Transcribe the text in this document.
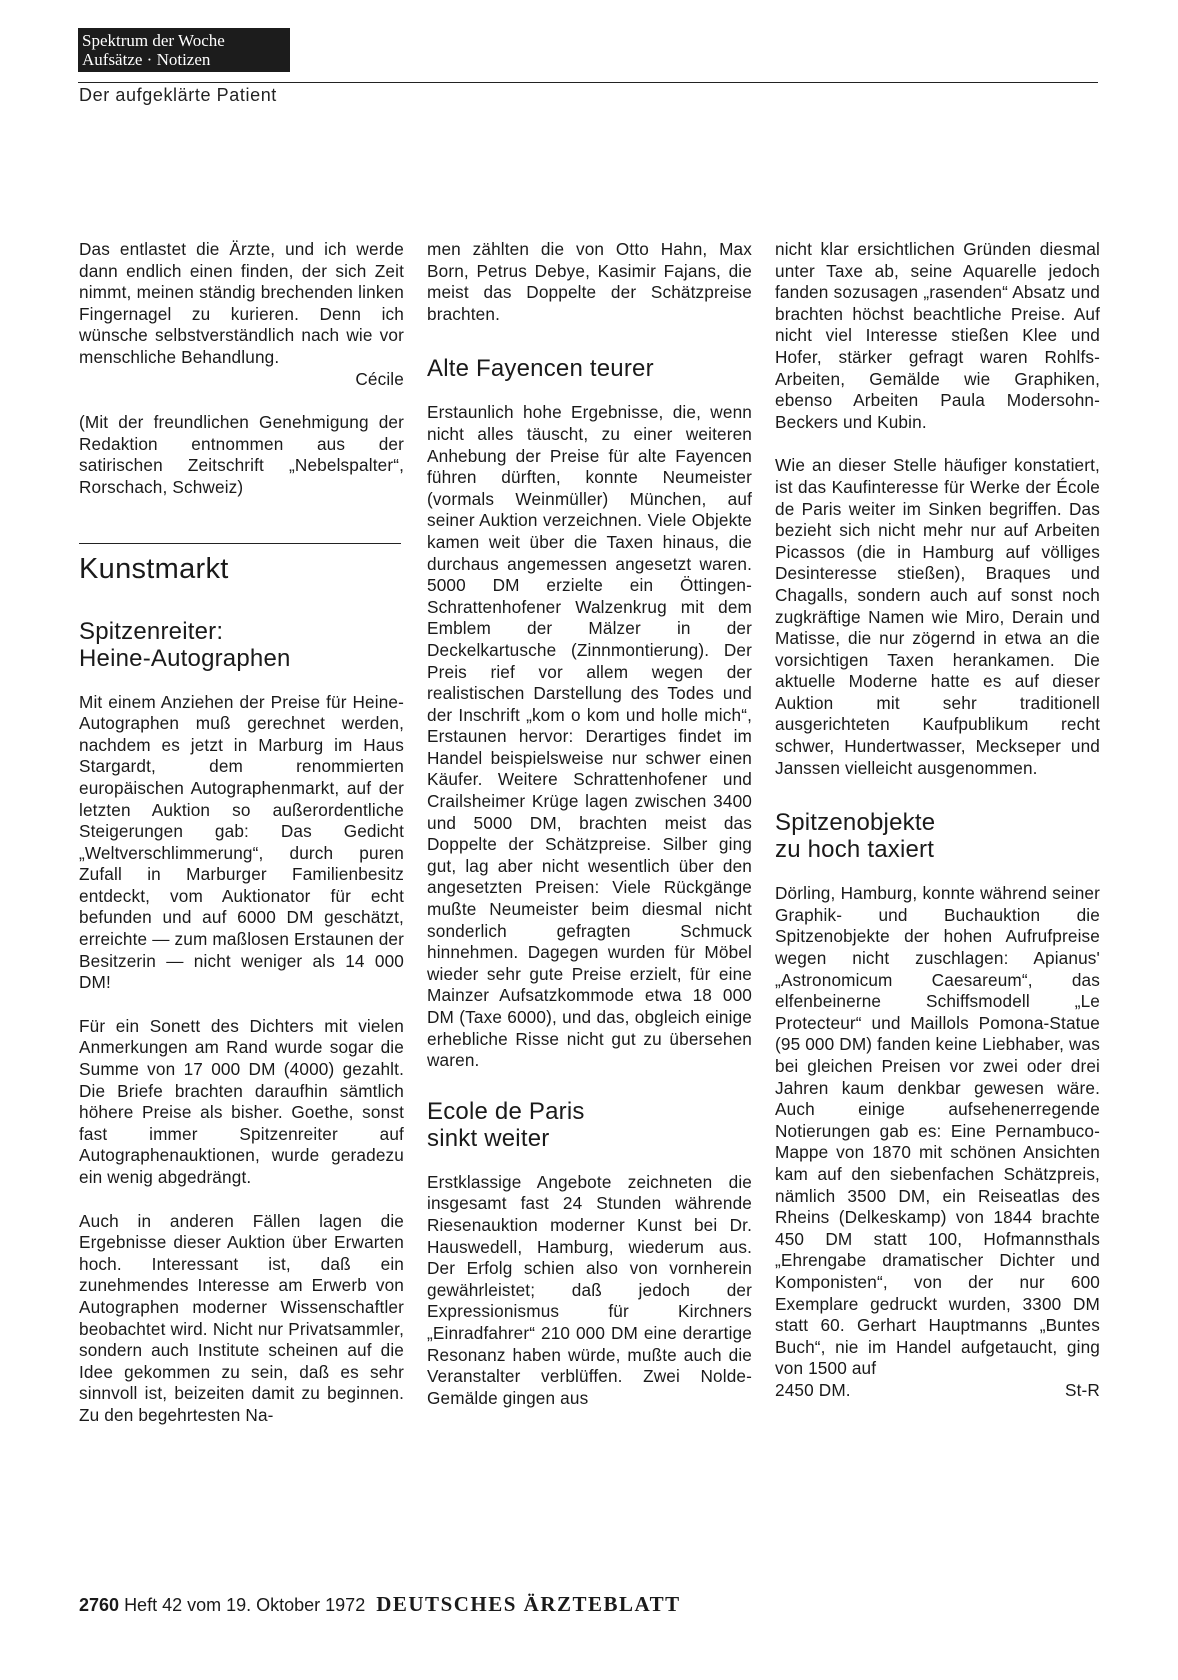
Spektrum der Woche
Aufsätze · Notizen
Der aufgeklärte Patient

Das entlastet die Ärzte, und ich werde dann endlich einen finden, der sich Zeit nimmt, meinen ständig brechenden linken Fingernagel zu kurieren. Denn ich wünsche selbstverständlich nach wie vor menschliche Behandlung.

Cécile

(Mit der freundlichen Genehmigung der Redaktion entnommen aus der satirischen Zeitschrift „Nebelspalter“, Rorschach, Schweiz)

Kunstmarkt
Spitzenreiter:
Heine-Autographen

Mit einem Anziehen der Preise für Heine-Autographen muß gerechnet werden, nachdem es jetzt in Marburg im Haus Stargardt, dem renommierten europäischen Autographenmarkt, auf der letzten Auktion so außerordentliche Steigerungen gab: Das Gedicht „Weltverschlimmerung“, durch puren Zufall in Marburger Familienbesitz entdeckt, vom Auktionator für echt befunden und auf 6000 DM geschätzt, erreichte — zum maßlosen Erstaunen der Besitzerin — nicht weniger als 14 000 DM!

Für ein Sonett des Dichters mit vielen Anmerkungen am Rand wurde sogar die Summe von 17 000 DM (4000) gezahlt. Die Briefe brachten daraufhin sämtlich höhere Preise als bisher. Goethe, sonst fast immer Spitzenreiter auf Autographenauktionen, wurde geradezu ein wenig abgedrängt.

Auch in anderen Fällen lagen die Ergebnisse dieser Auktion über Erwarten hoch. Interessant ist, daß ein zunehmendes Interesse am Erwerb von Autographen moderner Wissenschaftler beobachtet wird. Nicht nur Privatsammler, sondern auch Institute scheinen auf die Idee gekommen zu sein, daß es sehr sinnvoll ist, beizeiten damit zu beginnen. Zu den begehrtesten Na-

men zählten die von Otto Hahn, Max Born, Petrus Debye, Kasimir Fajans, die meist das Doppelte der Schätzpreise brachten.

Alte Fayencen teurer

Erstaunlich hohe Ergebnisse, die, wenn nicht alles täuscht, zu einer weiteren Anhebung der Preise für alte Fayencen führen dürften, konnte Neumeister (vormals Weinmüller) München, auf seiner Auktion verzeichnen. Viele Objekte kamen weit über die Taxen hinaus, die durchaus angemessen angesetzt waren. 5000 DM erzielte ein Öttingen-Schrattenhofener Walzenkrug mit dem Emblem der Mälzer in der Deckelkartusche (Zinnmontierung). Der Preis rief vor allem wegen der realistischen Darstellung des Todes und der Inschrift „kom o kom und holle mich“, Erstaunen hervor: Derartiges findet im Handel beispielsweise nur schwer einen Käufer. Weitere Schrattenhofener und Crailsheimer Krüge lagen zwischen 3400 und 5000 DM, brachten meist das Doppelte der Schätzpreise. Silber ging gut, lag aber nicht wesentlich über den angesetzten Preisen: Viele Rückgänge mußte Neumeister beim diesmal nicht sonderlich gefragten Schmuck hinnehmen. Dagegen wurden für Möbel wieder sehr gute Preise erzielt, für eine Mainzer Aufsatzkommode etwa 18 000 DM (Taxe 6000), und das, obgleich einige erhebliche Risse nicht gut zu übersehen waren.

Ecole de Paris
sinkt weiter

Erstklassige Angebote zeichneten die insgesamt fast 24 Stunden währende Riesenauktion moderner Kunst bei Dr. Hauswedell, Hamburg, wiederum aus. Der Erfolg schien also von vornherein gewährleistet; daß jedoch der Expressionismus für Kirchners „Einradfahrer“ 210 000 DM eine derartige Resonanz haben würde, mußte auch die Veranstalter verblüffen. Zwei Nolde-Gemälde gingen aus

nicht klar ersichtlichen Gründen diesmal unter Taxe ab, seine Aquarelle jedoch fanden sozusagen „rasenden“ Absatz und brachten höchst beachtliche Preise. Auf nicht viel Interesse stießen Klee und Hofer, stärker gefragt waren Rohlfs-Arbeiten, Gemälde wie Graphiken, ebenso Arbeiten Paula Modersohn-Beckers und Kubin.

Wie an dieser Stelle häufiger konstatiert, ist das Kaufinteresse für Werke der École de Paris weiter im Sinken begriffen. Das bezieht sich nicht mehr nur auf Arbeiten Picassos (die in Hamburg auf völliges Desinteresse stießen), Braques und Chagalls, sondern auch auf sonst noch zugkräftige Namen wie Miro, Derain und Matisse, die nur zögernd in etwa an die vorsichtigen Taxen herankamen. Die aktuelle Moderne hatte es auf dieser Auktion mit sehr traditionell ausgerichteten Kaufpublikum recht schwer, Hundertwasser, Meckseper und Janssen vielleicht ausgenommen.

Spitzenobjekte
zu hoch taxiert

Dörling, Hamburg, konnte während seiner Graphik- und Buchauktion die Spitzenobjekte der hohen Aufrufpreise wegen nicht zuschlagen: Apianus' „Astronomicum Caesareum“, das elfenbeinerne Schiffsmodell „Le Protecteur“ und Maillols Pomona-Statue (95 000 DM) fanden keine Liebhaber, was bei gleichen Preisen vor zwei oder drei Jahren kaum denkbar gewesen wäre. Auch einige aufsehenerregende Notierungen gab es: Eine Pernambuco-Mappe von 1870 mit schönen Ansichten kam auf den siebenfachen Schätzpreis, nämlich 3500 DM, ein Reiseatlas des Rheins (Delkeskamp) von 1844 brachte 450 DM statt 100, Hofmannsthals „Ehrengabe dramatischer Dichter und Komponisten“, von der nur 600 Exemplare gedruckt wurden, 3300 DM statt 60. Gerhart Hauptmanns „Buntes Buch“, nie im Handel aufgetaucht, ging von 1500 auf

2450 DM.	St-R
2760 Heft 42 vom 19. Oktober 1972 DEUTSCHES ÄRZTEBLATT
